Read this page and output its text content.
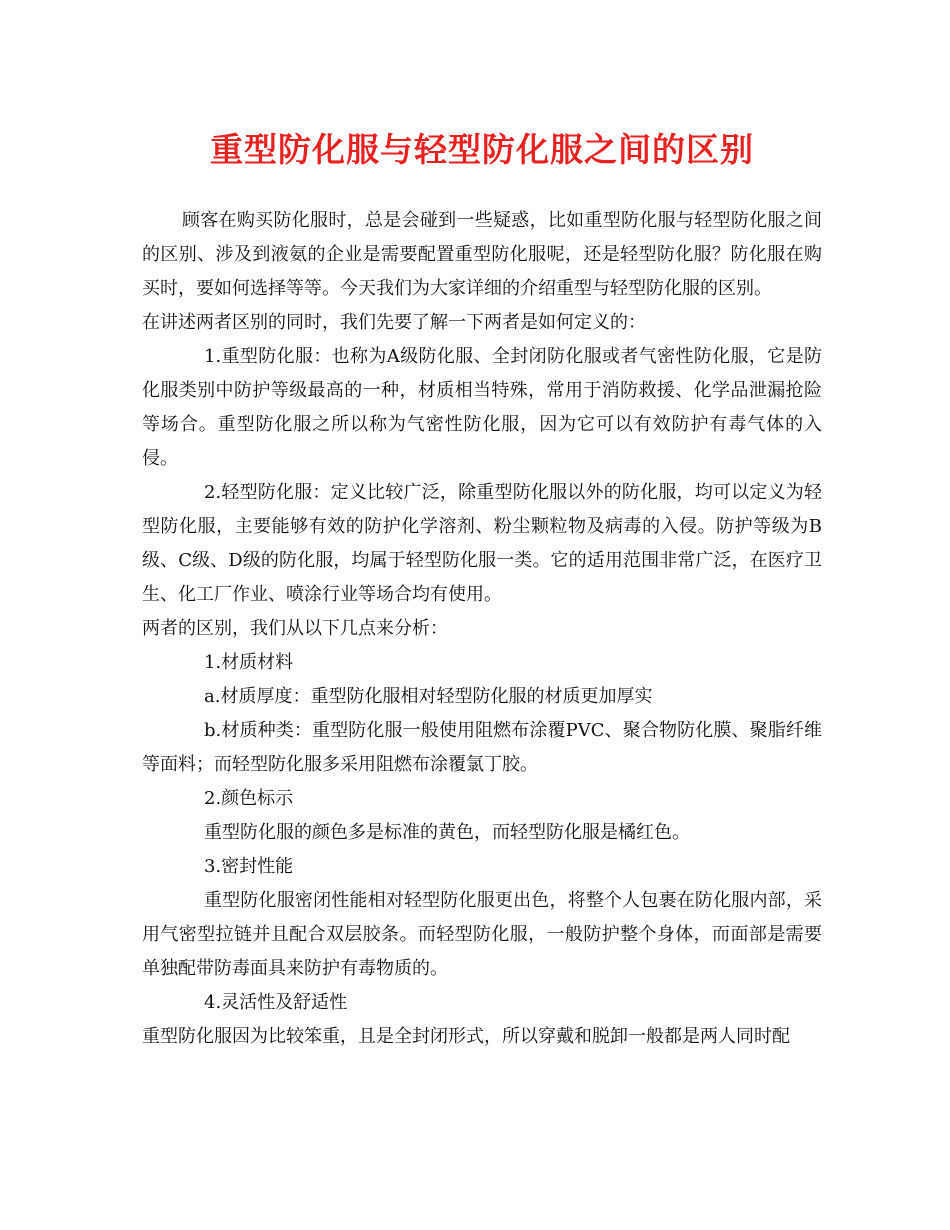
重型防化服与轻型防化服之间的区别

顾客在购买防化服时，总是会碰到一些疑惑，比如重型防化服与轻型防化服之间的区别、涉及到液氨的企业是需要配置重型防化服呢，还是轻型防化服？防化服在购买时，要如何选择等等。今天我们为大家详细的介绍重型与轻型防化服的区别。

在讲述两者区别的同时，我们先要了解一下两者是如何定义的：

1.重型防化服：也称为A级防化服、全封闭防化服或者气密性防化服，它是防化服类别中防护等级最高的一种，材质相当特殊，常用于消防救援、化学品泄漏抢险等场合。重型防化服之所以称为气密性防化服，因为它可以有效防护有毒气体的入侵。

2.轻型防化服：定义比较广泛，除重型防化服以外的防化服，均可以定义为轻型防化服，主要能够有效的防护化学溶剂、粉尘颗粒物及病毒的入侵。防护等级为B级、C级、D级的防化服，均属于轻型防化服一类。它的适用范围非常广泛，在医疗卫生、化工厂作业、喷涂行业等场合均有使用。

两者的区别，我们从以下几点来分析：

1.材质材料

a.材质厚度：重型防化服相对轻型防化服的材质更加厚实

b.材质种类：重型防化服一般使用阻燃布涂覆PVC、聚合物防化膜、聚脂纤维等面料；而轻型防化服多采用阻燃布涂覆氯丁胶。

2.颜色标示

重型防化服的颜色多是标准的黄色，而轻型防化服是橘红色。

3.密封性能

重型防化服密闭性能相对轻型防化服更出色，将整个人包裹在防化服内部，采用气密型拉链并且配合双层胶条。而轻型防化服，一般防护整个身体，而面部是需要单独配带防毒面具来防护有毒物质的。

4.灵活性及舒适性

重型防化服因为比较笨重，且是全封闭形式，所以穿戴和脱卸一般都是两人同时配
